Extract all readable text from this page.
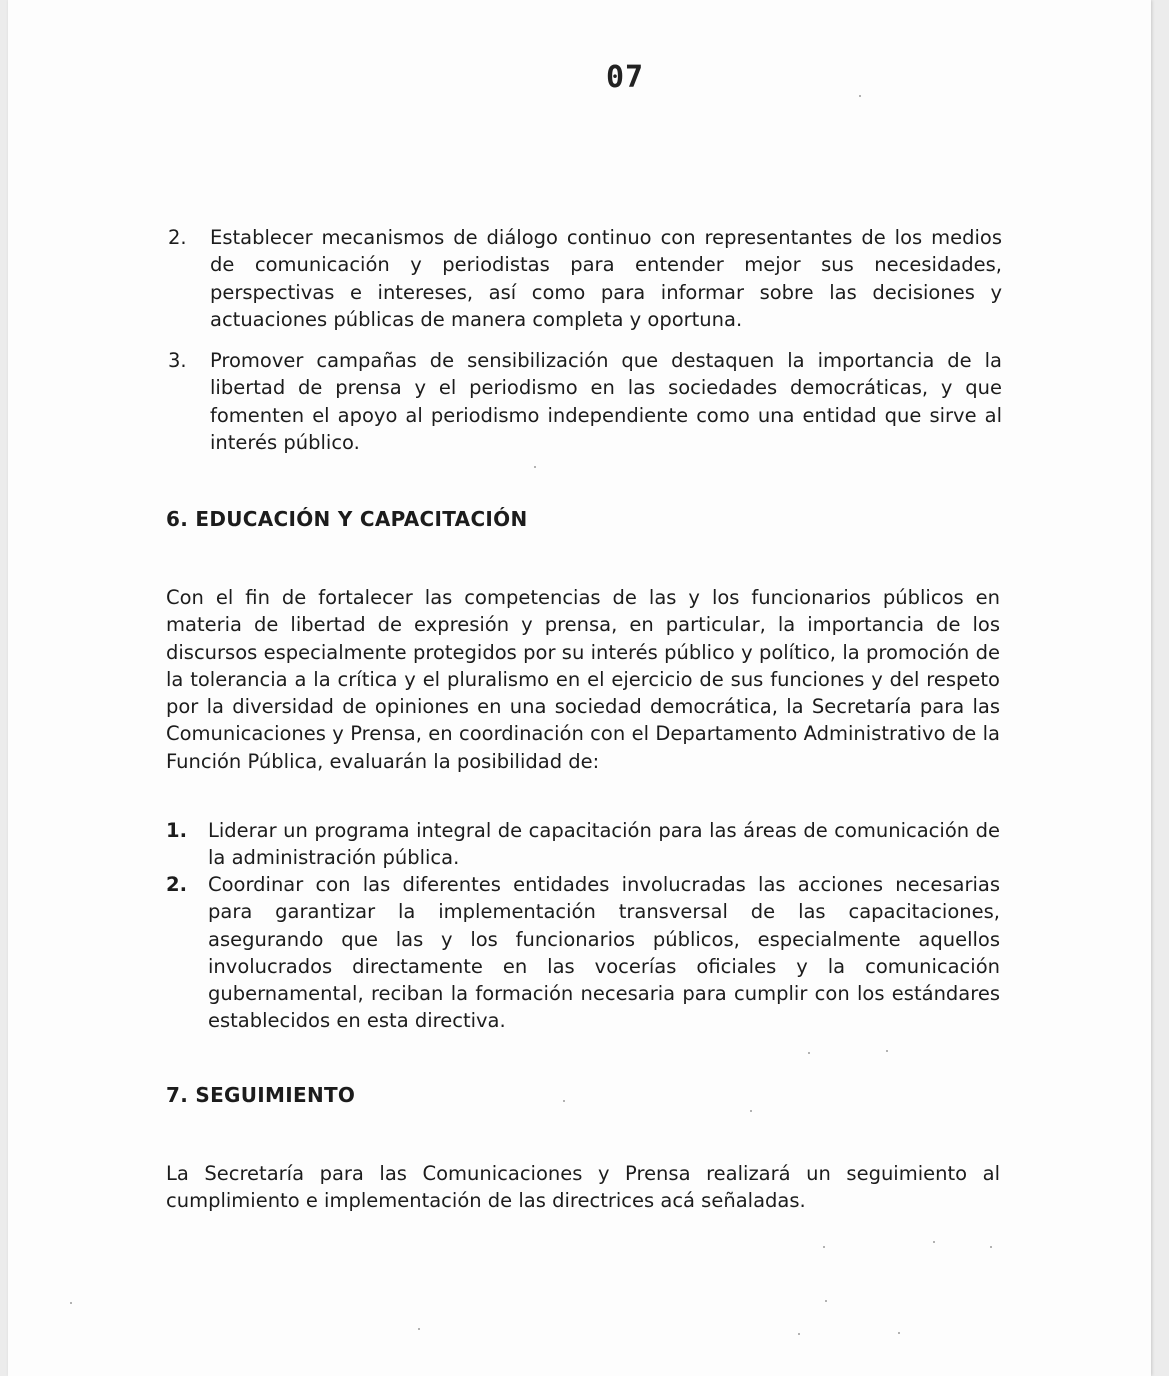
07
2.	Establecer mecanismos de diálogo continuo con representantes de los medios de comunicación y periodistas para entender mejor sus necesidades, perspectivas e intereses, así como para informar sobre las decisiones y actuaciones públicas de manera completa y oportuna.
3.	Promover campañas de sensibilización que destaquen la importancia de la libertad de prensa y el periodismo en las sociedades democráticas, y que fomenten el apoyo al periodismo independiente como una entidad que sirve al interés público.
6. EDUCACIÓN Y CAPACITACIÓN
Con el fin de fortalecer las competencias de las y los funcionarios públicos en materia de libertad de expresión y prensa, en particular, la importancia de los discursos especialmente protegidos por su interés público y político, la promoción de la tolerancia a la crítica y el pluralismo en el ejercicio de sus funciones y del respeto por la diversidad de opiniones en una sociedad democrática, la Secretaría para las Comunicaciones y Prensa, en coordinación con el Departamento Administrativo de la Función Pública, evaluarán la posibilidad de:
1.	Liderar un programa integral de capacitación para las áreas de comunicación de la administración pública.
2.	Coordinar con las diferentes entidades involucradas las acciones necesarias para garantizar la implementación transversal de las capacitaciones, asegurando que las y los funcionarios públicos, especialmente aquellos involucrados directamente en las vocerías oficiales y la comunicación gubernamental, reciban la formación necesaria para cumplir con los estándares establecidos en esta directiva.
7. SEGUIMIENTO
La Secretaría para las Comunicaciones y Prensa realizará un seguimiento al cumplimiento e implementación de las directrices acá señaladas.
